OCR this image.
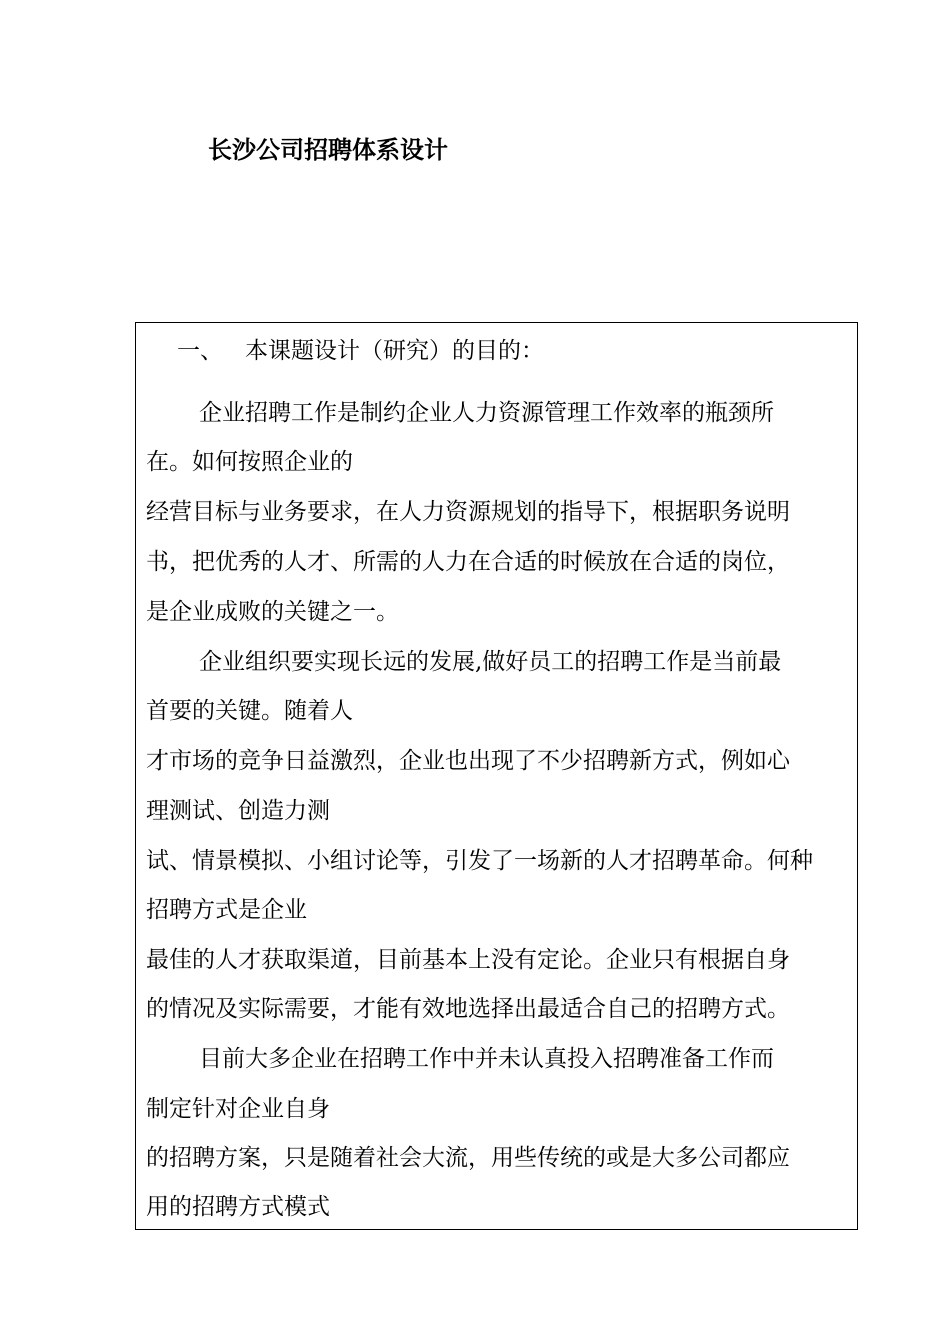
长沙公司招聘体系设计

一、 本课题设计（研究）的目的：

企业招聘工作是制约企业人力资源管理工作效率的瓶颈所

在。如何按照企业的

经营目标与业务要求，在人力资源规划的指导下，根据职务说明

书，把优秀的人才、所需的人力在合适的时候放在合适的岗位，

是企业成败的关键之一。

企业组织要实现长远的发展,做好员工的招聘工作是当前最

首要的关键。随着人

才市场的竞争日益激烈，企业也出现了不少招聘新方式，例如心

理测试、创造力测

试、情景模拟、小组讨论等，引发了一场新的人才招聘革命。何种

招聘方式是企业

最佳的人才获取渠道，目前基本上没有定论。企业只有根据自身

的情况及实际需要，才能有效地选择出最适合自己的招聘方式。

目前大多企业在招聘工作中并未认真投入招聘准备工作而

制定针对企业自身

的招聘方案，只是随着社会大流，用些传统的或是大多公司都应

用的招聘方式模式
